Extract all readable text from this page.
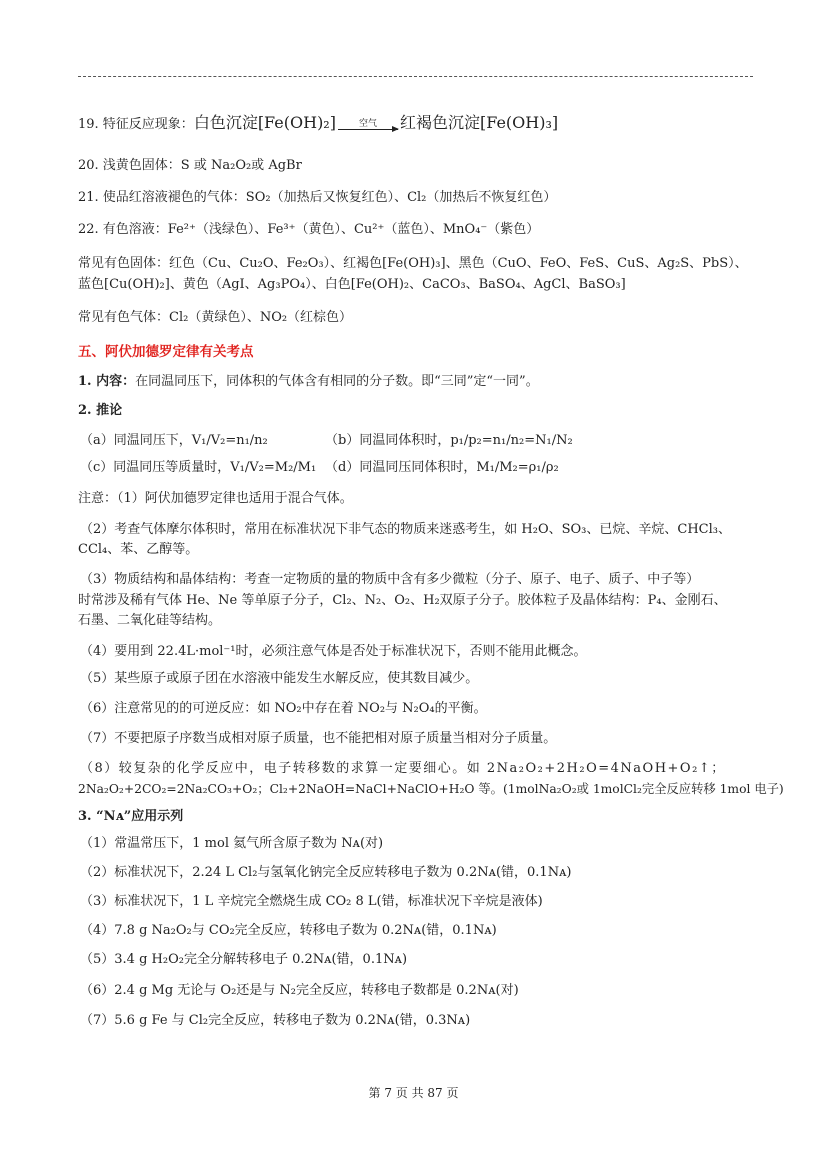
19. 特征反应现象：白色沉淀[Fe(OH)₂]	空气	红褐色沉淀[Fe(OH)₃]
20. 浅黄色固体：S 或 Na₂O₂或 AgBr
21. 使品红溶液褪色的气体：SO₂（加热后又恢复红色）、Cl₂（加热后不恢复红色）
22. 有色溶液：Fe²⁺（浅绿色）、Fe³⁺（黄色）、Cu²⁺（蓝色）、MnO₄⁻（紫色）
常见有色固体：红色（Cu、Cu₂O、Fe₂O₃）、红褐色[Fe(OH)₃]、黑色（CuO、FeO、FeS、CuS、Ag₂S、PbS）、
蓝色[Cu(OH)₂]、黄色（AgI、Ag₃PO₄）、白色[Fe(OH)₂、CaCO₃、BaSO₄、AgCl、BaSO₃]
常见有色气体：Cl₂（黄绿色）、NO₂（红棕色）
五、阿伏加德罗定律有关考点
1. 内容：在同温同压下，同体积的气体含有相同的分子数。即“三同”定“一同”。
2. 推论
（a）同温同压下，V₁/V₂=n₁/n₂	（b）同温同体积时，p₁/p₂=n₁/n₂=N₁/N₂
（c）同温同压等质量时，V₁/V₂=M₂/M₁ （d）同温同压同体积时，M₁/M₂=ρ₁/ρ₂
注意：（1）阿伏加德罗定律也适用于混合气体。
（2）考查气体摩尔体积时，常用在标准状况下非气态的物质来迷惑考生，如 H₂O、SO₃、已烷、辛烷、CHCl₃、
CCl₄、苯、乙醇等。
（3）物质结构和晶体结构：考查一定物质的量的物质中含有多少微粒（分子、原子、电子、质子、中子等）
时常涉及稀有气体 He、Ne 等单原子分子，Cl₂、N₂、O₂、H₂双原子分子。胶体粒子及晶体结构：P₄、金刚石、
石墨、二氧化硅等结构。
（4）要用到 22.4L·mol⁻¹时，必须注意气体是否处于标准状况下，否则不能用此概念。
（5）某些原子或原子团在水溶液中能发生水解反应，使其数目减少。
（6）注意常见的的可逆反应：如 NO₂中存在着 NO₂与 N₂O₄的平衡。
（7）不要把原子序数当成相对原子质量，也不能把相对原子质量当相对分子质量。
（8）较复杂的化学反应中，电子转移数的求算一定要细心。如 2Na₂O₂+2H₂O=4NaOH+O₂↑；
2Na₂O₂+2CO₂=2Na₂CO₃+O₂；Cl₂+2NaOH=NaCl+NaClO+H₂O 等。(1molNa₂O₂或 1molCl₂完全反应转移 1mol 电子)
3. “Nᴀ”应用示列
（1）常温常压下，1 mol 氦气所含原子数为 Nᴀ(对)
（2）标准状况下，2.24 L Cl₂与氢氧化钠完全反应转移电子数为 0.2Nᴀ(错，0.1Nᴀ)
（3）标准状况下，1 L 辛烷完全燃烧生成 CO₂ 8 L(错，标准状况下辛烷是液体)
（4）7.8 g Na₂O₂与 CO₂完全反应，转移电子数为 0.2Nᴀ(错，0.1Nᴀ)
（5）3.4 g H₂O₂完全分解转移电子 0.2Nᴀ(错，0.1Nᴀ)
（6）2.4 g Mg 无论与 O₂还是与 N₂完全反应，转移电子数都是 0.2Nᴀ(对)
（7）5.6 g Fe 与 Cl₂完全反应，转移电子数为 0.2Nᴀ(错，0.3Nᴀ)
第 7 页 共 87 页
